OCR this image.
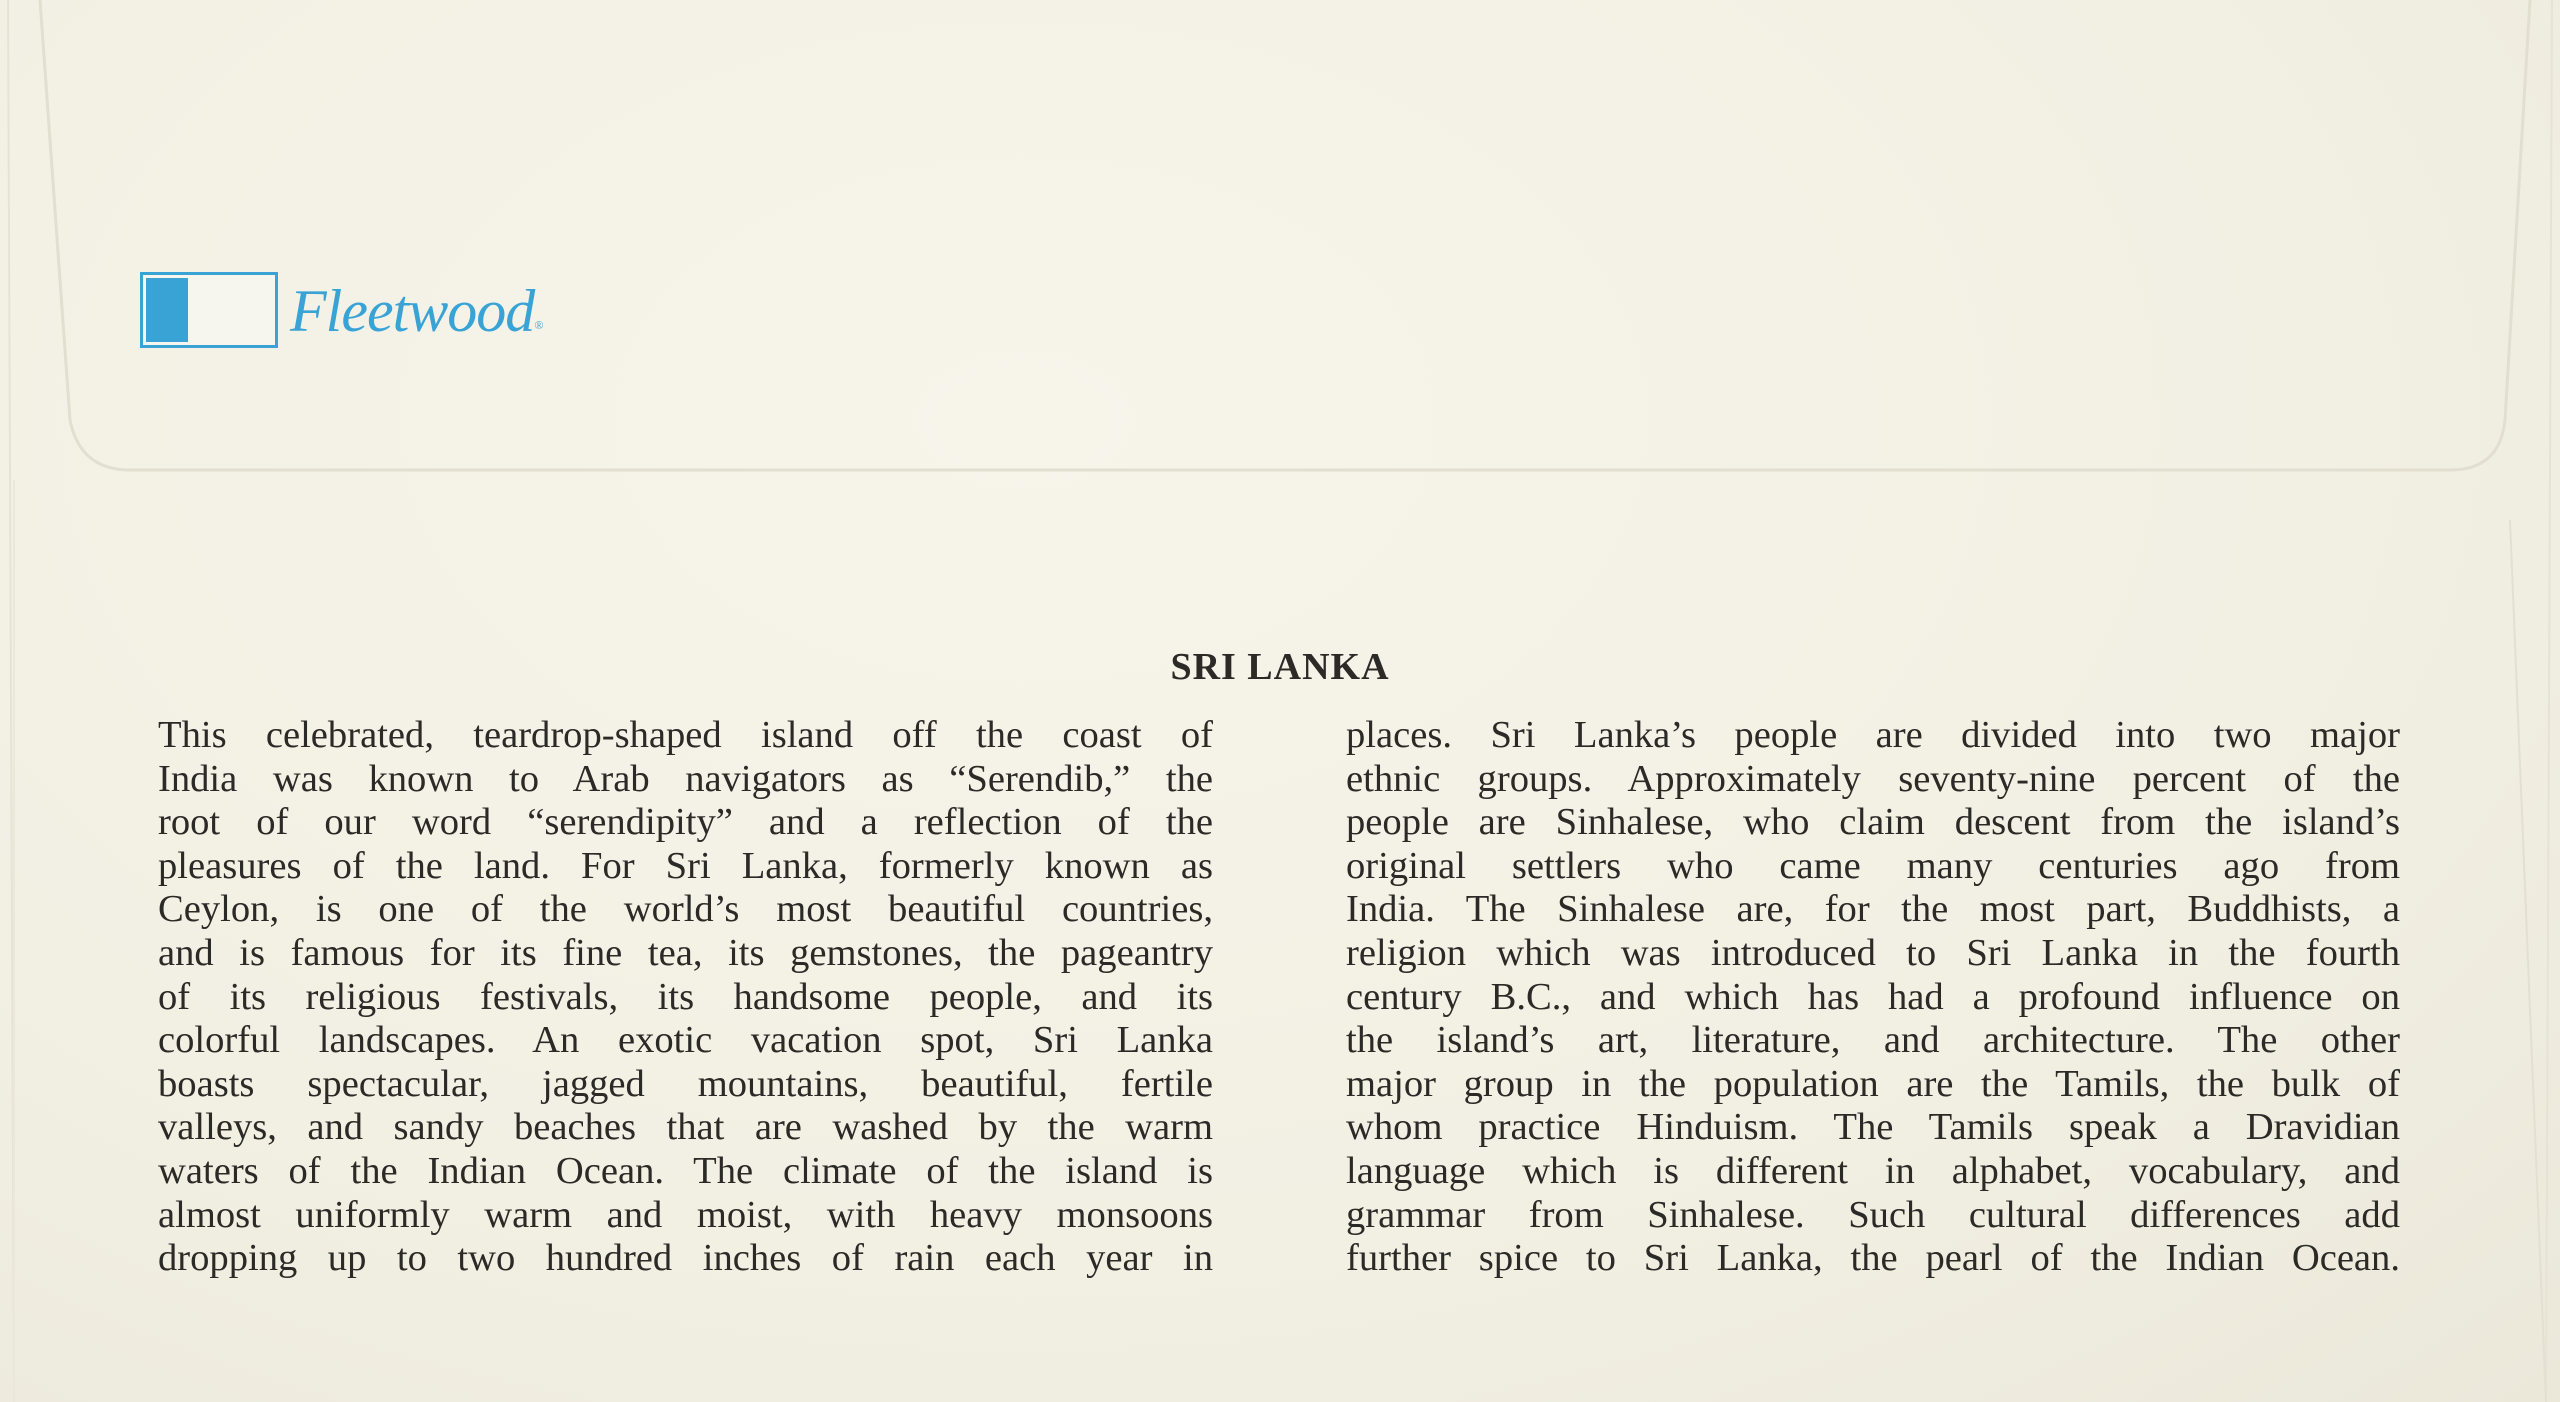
Fleetwood®
SRI LANKA
This celebrated, teardrop-shaped island off the coast of
India was known to Arab navigators as “Serendib,” the
root of our word “serendipity” and a reflection of the
pleasures of the land. For Sri Lanka, formerly known as
Ceylon, is one of the world’s most beautiful countries,
and is famous for its fine tea, its gemstones, the pageantry
of its religious festivals, its handsome people, and its
colorful landscapes. An exotic vacation spot, Sri Lanka
boasts spectacular, jagged mountains, beautiful, fertile
valleys, and sandy beaches that are washed by the warm
waters of the Indian Ocean. The climate of the island is
almost uniformly warm and moist, with heavy monsoons
dropping up to two hundred inches of rain each year in
places. Sri Lanka’s people are divided into two major
ethnic groups. Approximately seventy-nine percent of the
people are Sinhalese, who claim descent from the island’s
original settlers who came many centuries ago from
India. The Sinhalese are, for the most part, Buddhists, a
religion which was introduced to Sri Lanka in the fourth
century B.C., and which has had a profound influence on
the island’s art, literature, and architecture. The other
major group in the population are the Tamils, the bulk of
whom practice Hinduism. The Tamils speak a Dravidian
language which is different in alphabet, vocabulary, and
grammar from Sinhalese. Such cultural differences add
further spice to Sri Lanka, the pearl of the Indian Ocean.
